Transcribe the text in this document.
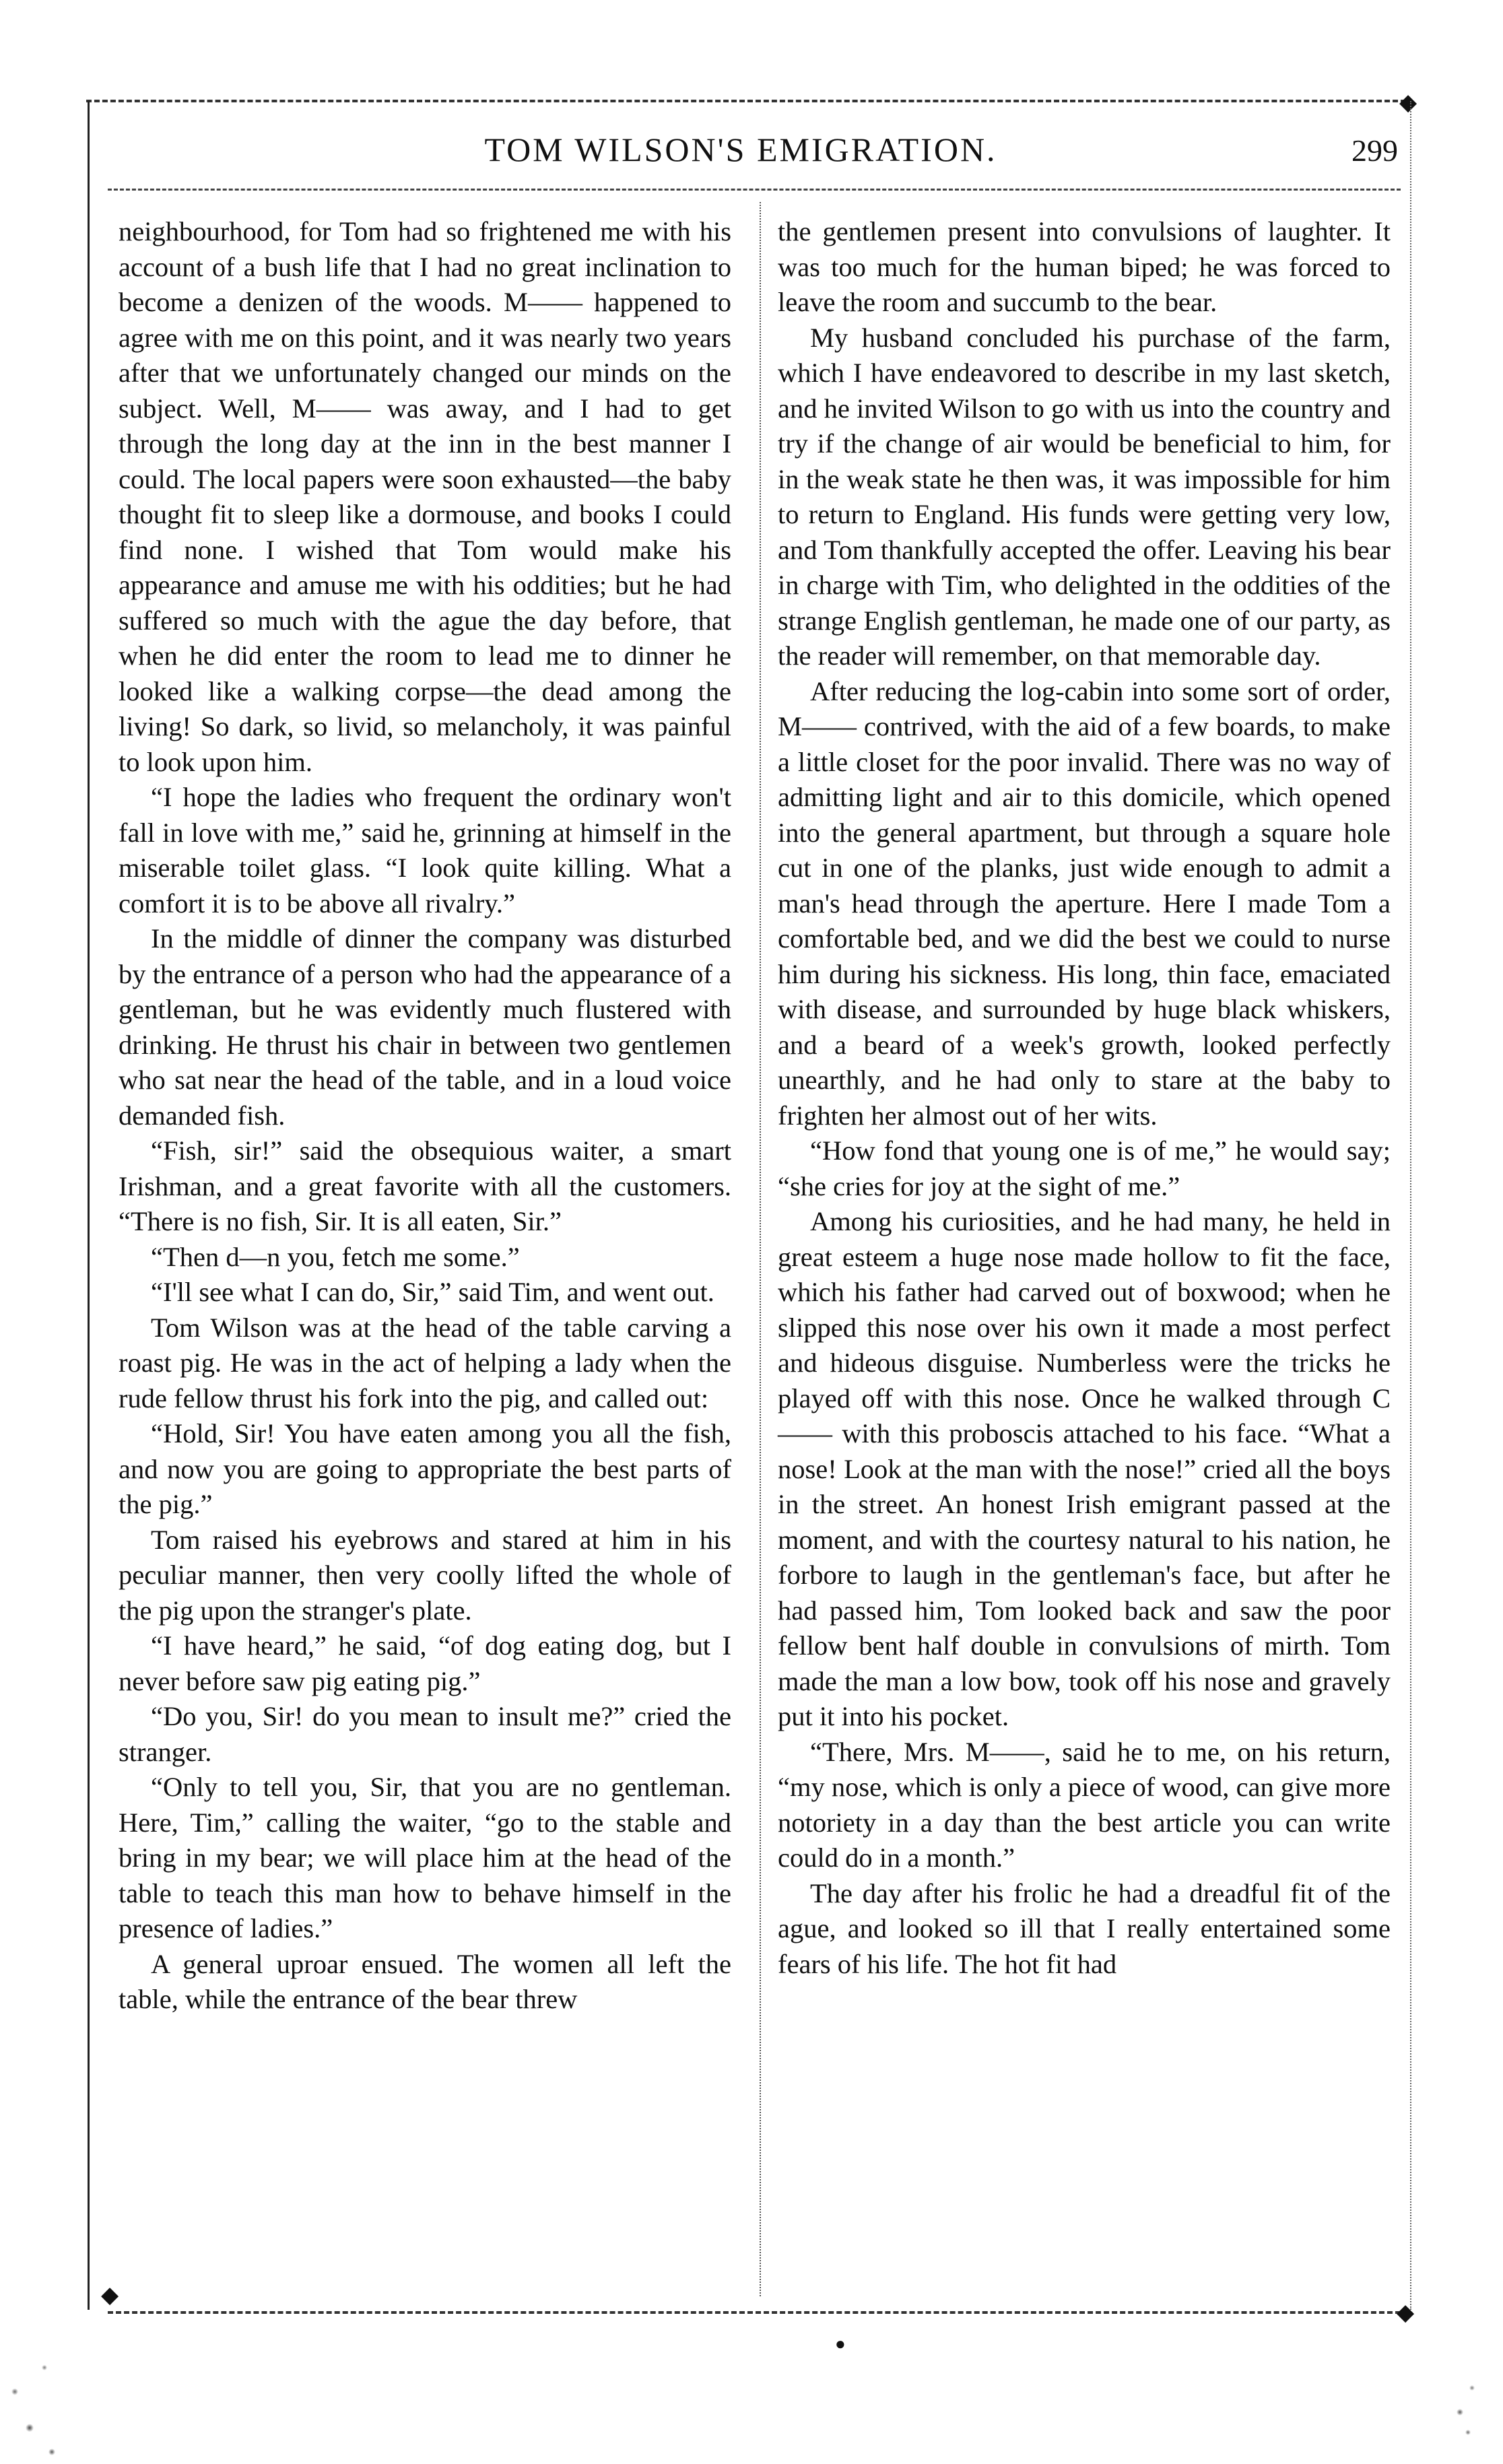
◆
TOM WILSON'S EMIGRATION.	299

neighbourhood, for Tom had so frightened me with his account of a bush life that I had no great inclination to become a denizen of the woods. M—— happened to agree with me on this point, and it was nearly two years after that we unfortunately changed our minds on the subject. Well, M—— was away, and I had to get through the long day at the inn in the best manner I could. The local papers were soon exhausted—the baby thought fit to sleep like a dormouse, and books I could find none. I wished that Tom would make his appearance and amuse me with his oddities; but he had suffered so much with the ague the day before, that when he did enter the room to lead me to dinner he looked like a walking corpse—the dead among the living! So dark, so livid, so melancholy, it was painful to look upon him.

“I hope the ladies who frequent the ordinary won't fall in love with me,” said he, grinning at himself in the miserable toilet glass. “I look quite killing. What a comfort it is to be above all rivalry.”

In the middle of dinner the company was disturbed by the entrance of a person who had the appearance of a gentleman, but he was evidently much flustered with drinking. He thrust his chair in between two gentlemen who sat near the head of the table, and in a loud voice demanded fish.

“Fish, sir!” said the obsequious waiter, a smart Irishman, and a great favorite with all the customers. “There is no fish, Sir. It is all eaten, Sir.”

“Then d—n you, fetch me some.”

“I'll see what I can do, Sir,” said Tim, and went out.

Tom Wilson was at the head of the table carving a roast pig. He was in the act of helping a lady when the rude fellow thrust his fork into the pig, and called out:

“Hold, Sir! You have eaten among you all the fish, and now you are going to appropriate the best parts of the pig.”

Tom raised his eyebrows and stared at him in his peculiar manner, then very coolly lifted the whole of the pig upon the stranger's plate.

“I have heard,” he said, “of dog eating dog, but I never before saw pig eating pig.”

“Do you, Sir! do you mean to insult me?” cried the stranger.

“Only to tell you, Sir, that you are no gentleman. Here, Tim,” calling the waiter, “go to the stable and bring in my bear; we will place him at the head of the table to teach this man how to behave himself in the presence of ladies.”

A general uproar ensued. The women all left the table, while the entrance of the bear threw

the gentlemen present into convulsions of laughter. It was too much for the human biped; he was forced to leave the room and succumb to the bear.

My husband concluded his purchase of the farm, which I have endeavored to describe in my last sketch, and he invited Wilson to go with us into the country and try if the change of air would be beneficial to him, for in the weak state he then was, it was impossible for him to return to England. His funds were getting very low, and Tom thankfully accepted the offer. Leaving his bear in charge with Tim, who delighted in the oddities of the strange English gentleman, he made one of our party, as the reader will remember, on that memorable day.

After reducing the log-cabin into some sort of order, M—— contrived, with the aid of a few boards, to make a little closet for the poor invalid. There was no way of admitting light and air to this domicile, which opened into the general apartment, but through a square hole cut in one of the planks, just wide enough to admit a man's head through the aperture. Here I made Tom a comfortable bed, and we did the best we could to nurse him during his sickness. His long, thin face, emaciated with disease, and surrounded by huge black whiskers, and a beard of a week's growth, looked perfectly unearthly, and he had only to stare at the baby to frighten her almost out of her wits.

“How fond that young one is of me,” he would say; “she cries for joy at the sight of me.”

Among his curiosities, and he had many, he held in great esteem a huge nose made hollow to fit the face, which his father had carved out of boxwood; when he slipped this nose over his own it made a most perfect and hideous disguise. Numberless were the tricks he played off with this nose. Once he walked through C—— with this proboscis attached to his face. “What a nose! Look at the man with the nose!” cried all the boys in the street. An honest Irish emigrant passed at the moment, and with the courtesy natural to his nation, he forbore to laugh in the gentleman's face, but after he had passed him, Tom looked back and saw the poor fellow bent half double in convulsions of mirth. Tom made the man a low bow, took off his nose and gravely put it into his pocket.

“There, Mrs. M——, said he to me, on his return, “my nose, which is only a piece of wood, can give more notoriety in a day than the best article you can write could do in a month.”

The day after his frolic he had a dreadful fit of the ague, and looked so ill that I really entertained some fears of his life. The hot fit had

◆
◆
●
